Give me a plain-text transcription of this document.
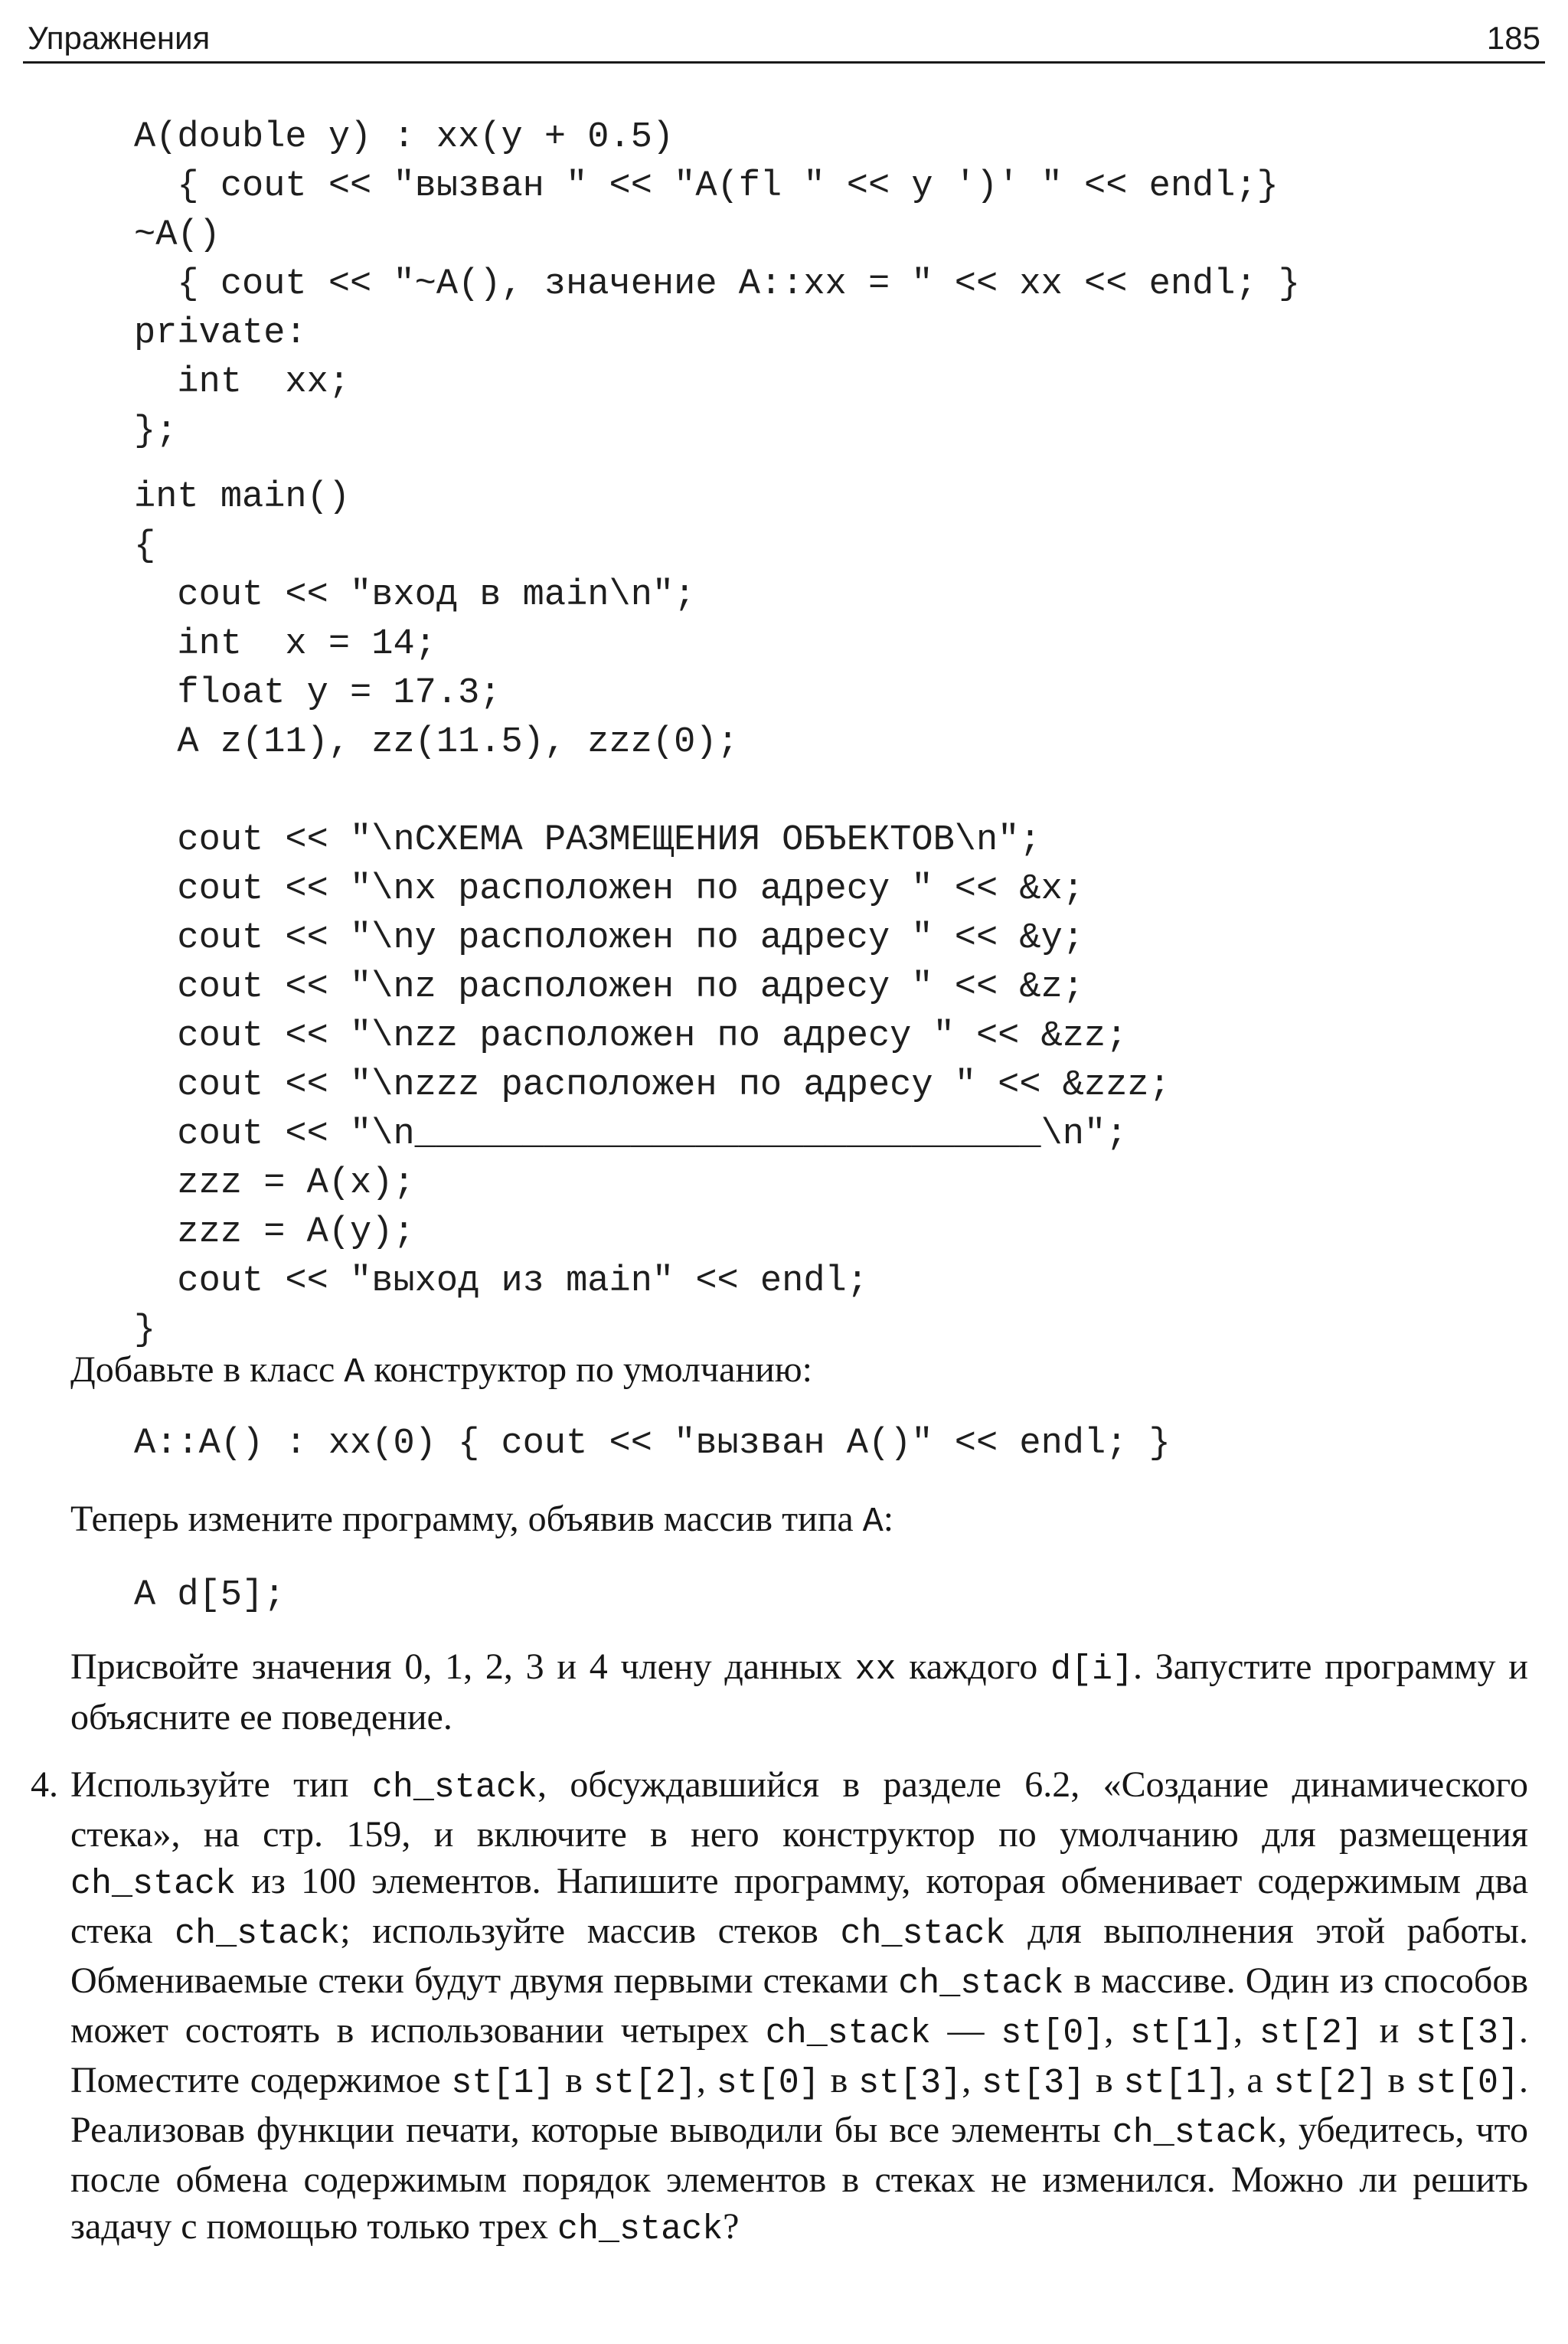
Упражнения	185
A(double y) : xx(y + 0.5)
{ cout << "вызван " << "A(fl " << y ')' " << endl;}
~A()
{ cout << "~A(), значение A::xx = " << xx << endl; }
private:
int  xx;
};
int main()
{
cout << "вход в main\n";
int  x = 14;
float y = 17.3;
A z(11), zz(11.5), zzz(0);

cout << "\nСХЕМА РАЗМЕЩЕНИЯ ОБЪЕКТОВ\n";
cout << "\nx расположен по адресу " << &x;
cout << "\ny расположен по адресу " << &y;
cout << "\nz расположен по адресу " << &z;
cout << "\nzz расположен по адресу " << &zz;
cout << "\nzzz расположен по адресу " << &zzz;
cout << "\n_____________________________\n";
zzz = A(x);
zzz = A(y);
cout << "выход из main" << endl;
}

Добавьте в класс A конструктор по умолчанию:

A::A() : xx(0) { cout << "вызван A()" << endl; }

Теперь измените программу, объявив массив типа A:

A d[5];

Присвойте значения 0, 1, 2, 3 и 4 члену данных xx каждого d[i]. Запустите программу и объясните ее поведение.

4. Используйте тип ch_stack, обсуждавшийся в разделе 6.2, «Создание динамического стека», на стр. 159, и включите в него конструктор по умолчанию для размещения ch_stack из 100 элементов. Напишите программу, которая обменивает содержимым два стека ch_stack; используйте массив стеков ch_stack для выполнения этой работы. Обмениваемые стеки будут двумя первыми стеками ch_stack в массиве. Один из способов может состоять в использовании четырех ch_stack — st[0], st[1], st[2] и st[3]. Поместите содержимое st[1] в st[2], st[0] в st[3], st[3] в st[1], а st[2] в st[0]. Реализовав функции печати, которые выводили бы все элементы ch_stack, убедитесь, что после обмена содержимым порядок элементов в стеках не изменился. Можно ли решить задачу с помощью только трех ch_stack?
